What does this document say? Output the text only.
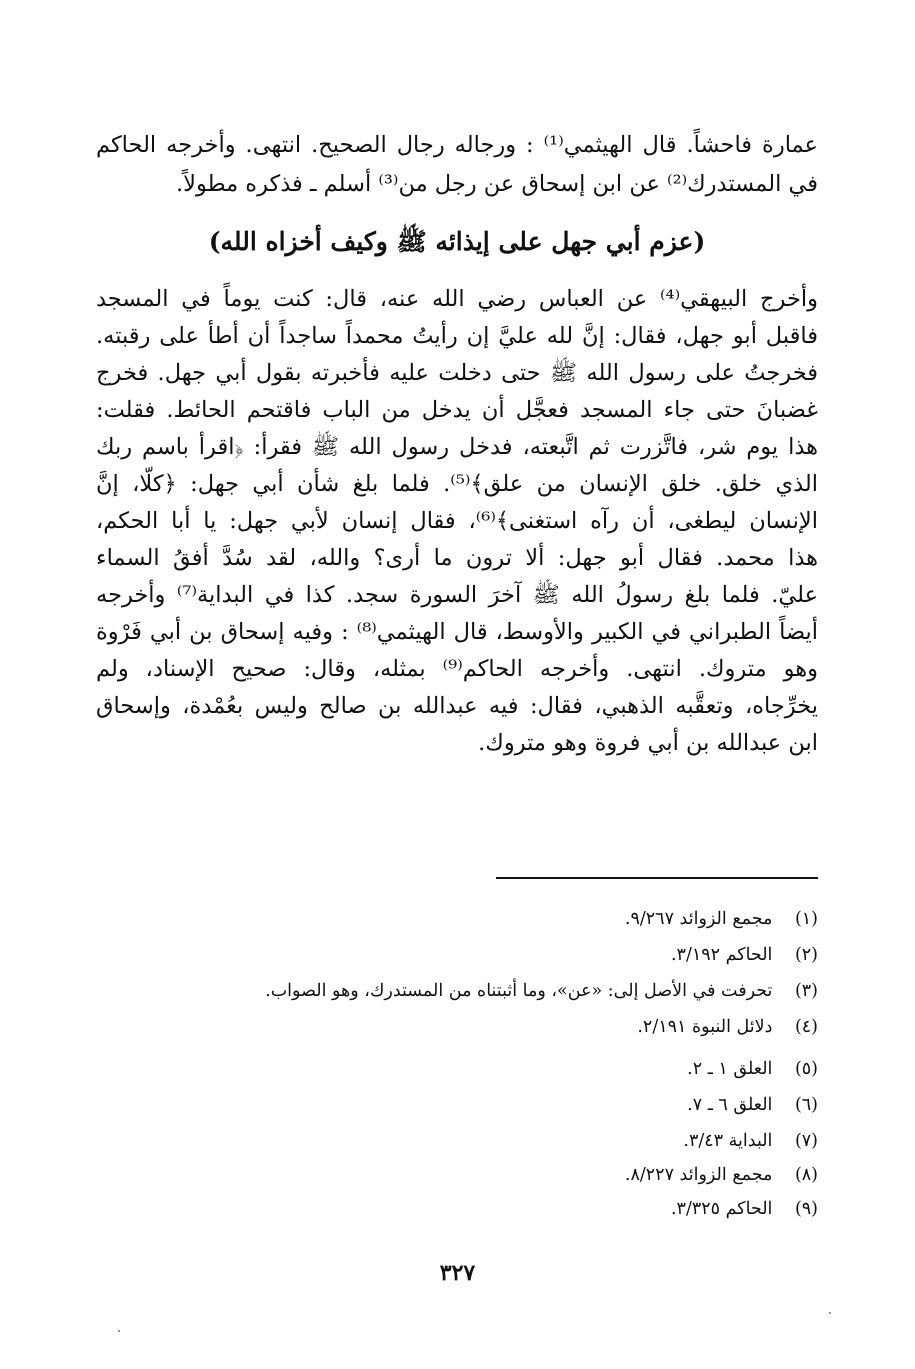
عمارة فاحشاً. قال الهيثمي⁽¹⁾ : ورجاله رجال الصحيح. انتهى. وأخرجه الحاكم
في المستدرك⁽²⁾ عن ابن إسحاق عن رجل من⁽³⁾ أسلم ـ فذكره مطولاً.
(عزم أبي جهل على إيذائه ﷺ وكيف أخزاه الله)
وأخرج البيهقي⁽⁴⁾ عن العباس رضي الله عنه، قال: كنت يوماً في المسجد
فاقبل أبو جهل، فقال: إنَّ لله عليَّ إن رأيتُ محمداً ساجداً أن أطأ على رقبته.
فخرجتُ على رسول الله ﷺ حتى دخلت عليه فأخبرته بقول أبي جهل. فخرج
غضبانَ حتى جاء المسجد فعجَّل أن يدخل من الباب فاقتحم الحائط. فقلت:
هذا يوم شر، فاتَّزرت ثم اتَّبعته، فدخل رسول الله ﷺ فقرأ: ﴿اقرأ باسم ربك
الذي خلق. خلق الإنسان من علق﴾⁽⁵⁾. فلما بلغ شأن أبي جهل: ﴿كلّا، إنَّ
الإنسان ليطغى، أن رآه استغنى﴾⁽⁶⁾، فقال إنسان لأبي جهل: يا أبا الحكم،
هذا محمد. فقال أبو جهل: ألا ترون ما أرى؟ والله، لقد سُدَّ أفقُ السماء
عليّ. فلما بلغ رسولُ الله ﷺ آخرَ السورة سجد. كذا في البداية⁽⁷⁾ وأخرجه
أيضاً الطبراني في الكبير والأوسط، قال الهيثمي⁽⁸⁾ : وفيه إسحاق بن أبي فَرْوة
وهو متروك. انتهى. وأخرجه الحاكم⁽⁹⁾ بمثله، وقال: صحيح الإسناد، ولم
يخرِّجاه، وتعقَّبه الذهبي، فقال: فيه عبدالله بن صالح وليس بعُمْدة، وإسحاق
ابن عبدالله بن أبي فروة وهو متروك.
(١) مجمع الزوائد ٩/٢٦٧.
(٢) الحاكم ٣/١٩٢.
(٣) تحرفت في الأصل إلى: «عن»، وما أثبتناه من المستدرك، وهو الصواب.
(٤) دلائل النبوة ٢/١٩١.
(٥) العلق ١ ـ ٢.
(٦) العلق ٦ ـ ٧.
(٧) البداية ٣/٤٣.
(٨) مجمع الزوائد ٨/٢٢٧.
(٩) الحاكم ٣/٣٢٥.
٣٢٧
